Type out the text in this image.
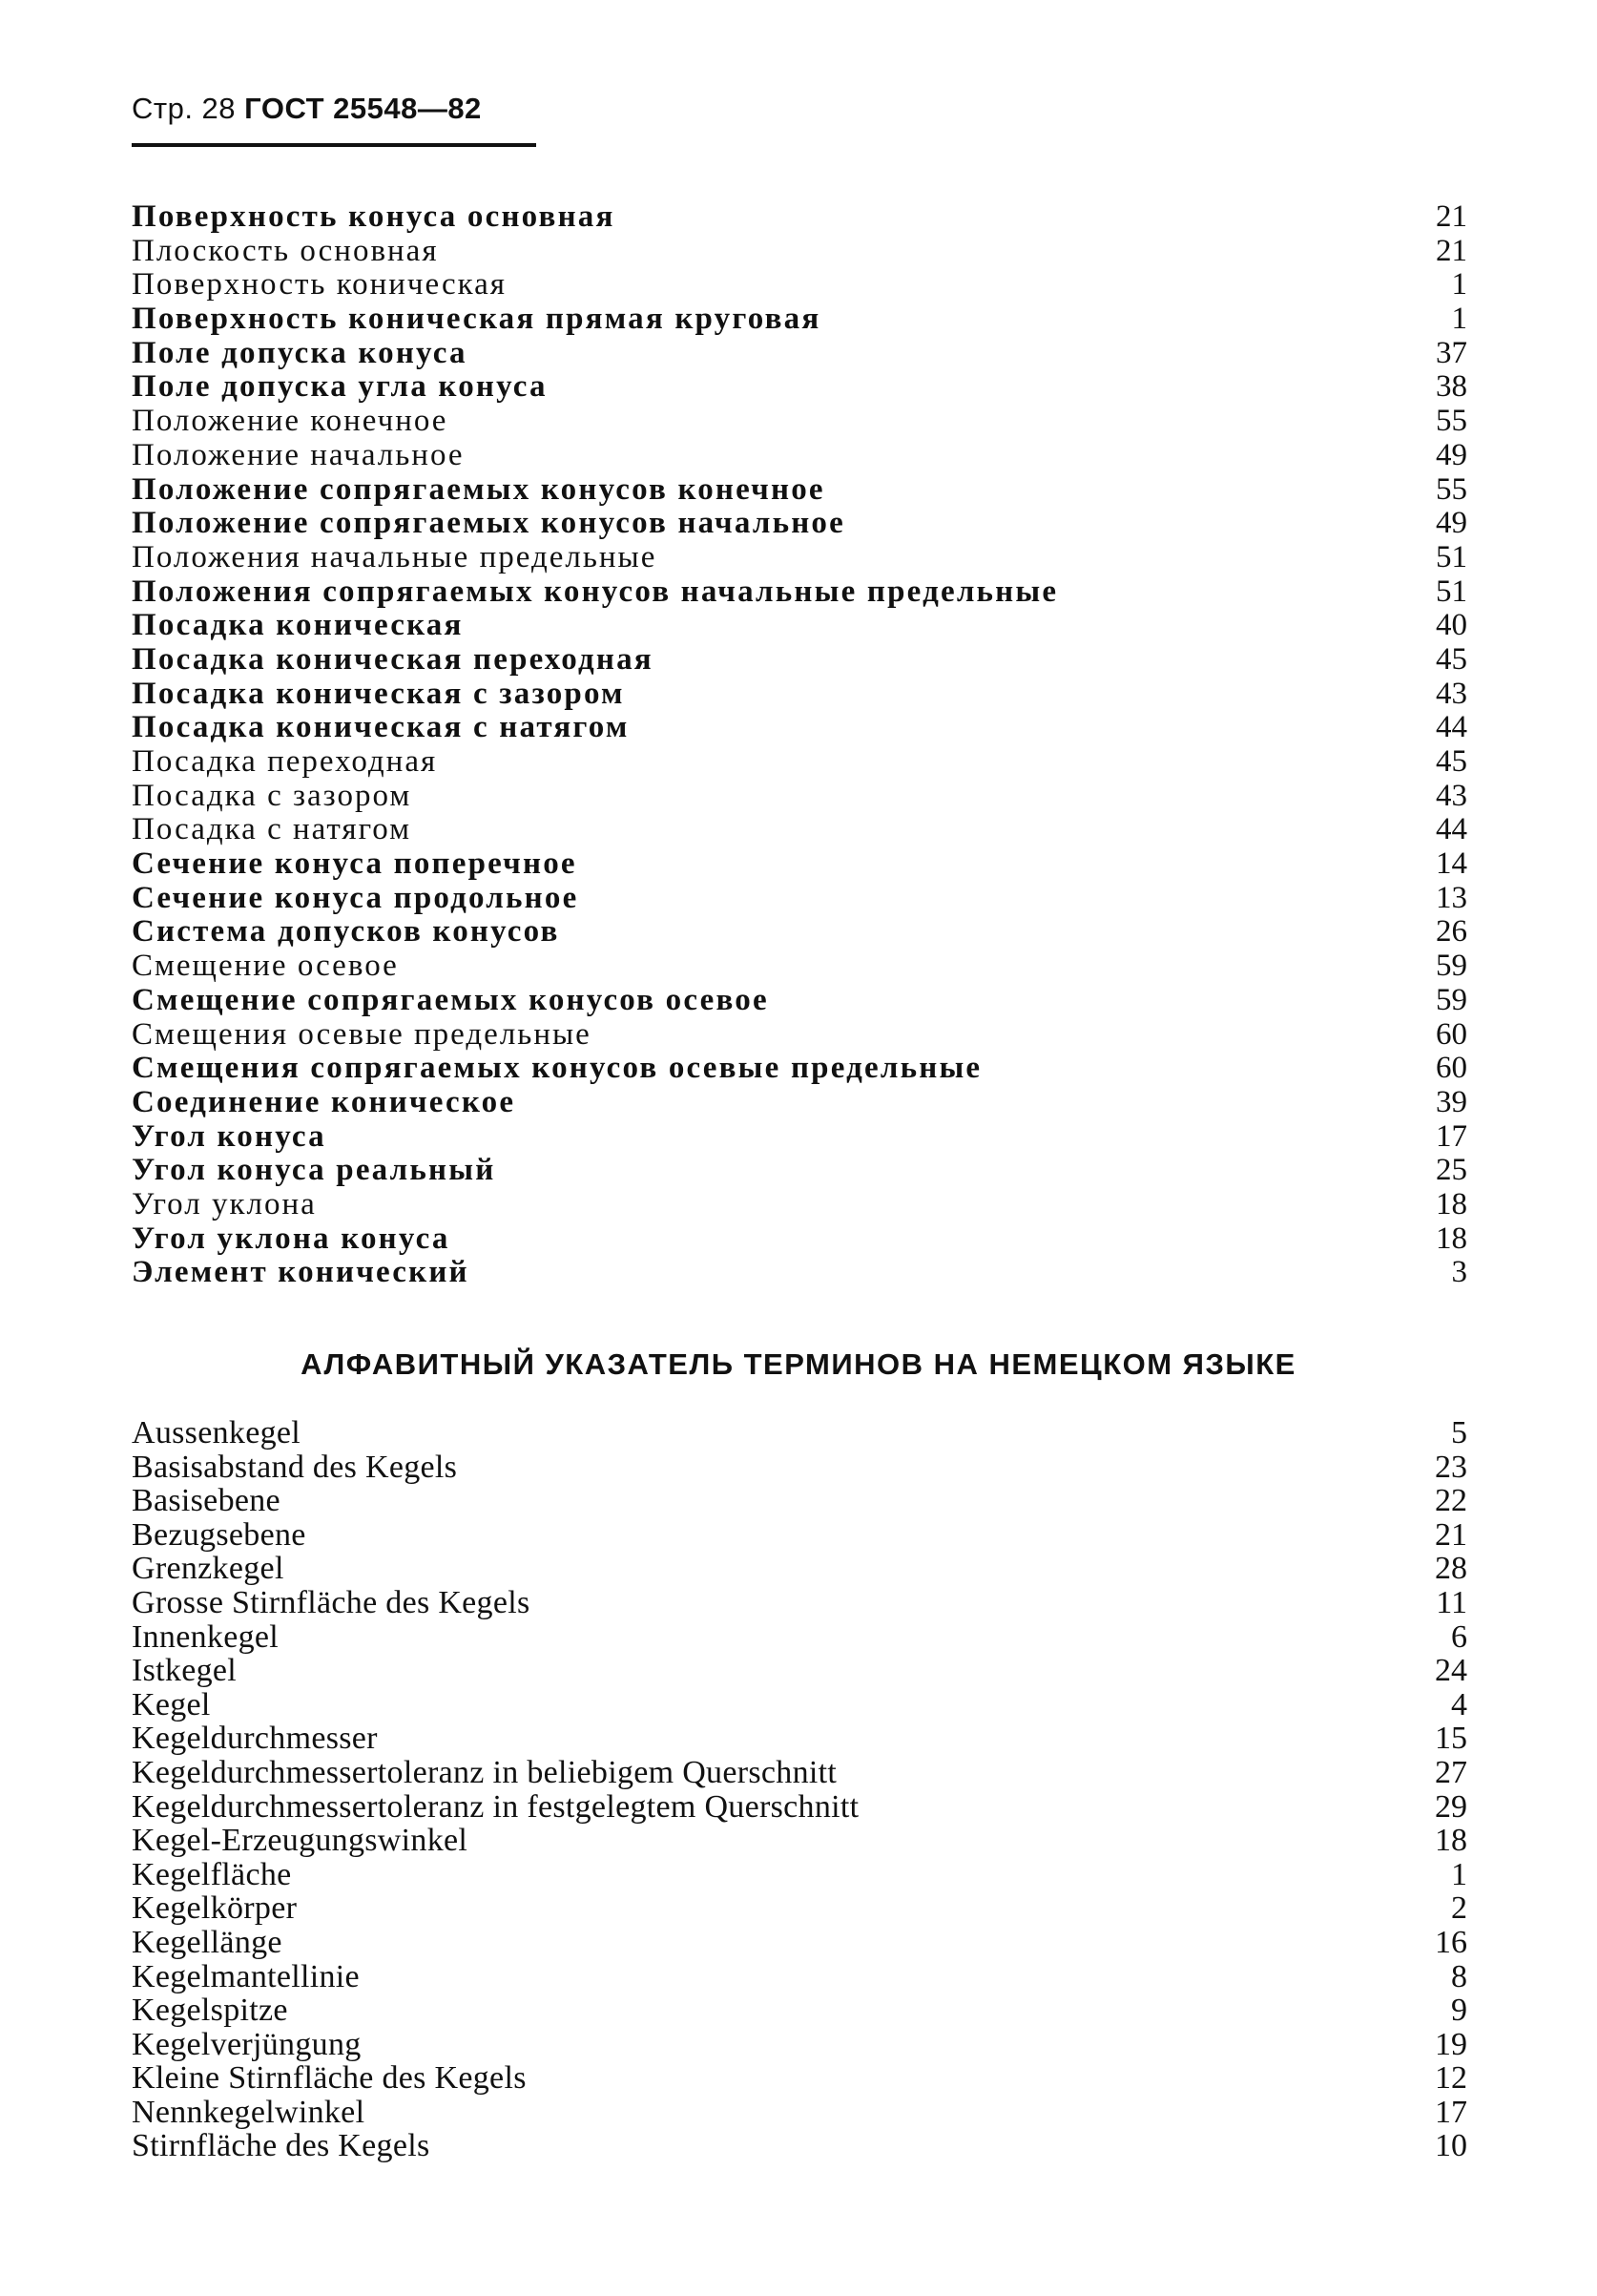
Стр. 28 ГОСТ 25548—82
Поверхность конуса основная	21
Плоскость основная	21
Поверхность коническая	1
Поверхность коническая прямая круговая	1
Поле допуска конуса	37
Поле допуска угла конуса	38
Положение конечное	55
Положение начальное	49
Положение сопрягаемых конусов конечное	55
Положение сопрягаемых конусов начальное	49
Положения начальные предельные	51
Положения сопрягаемых конусов начальные предельные	51
Посадка коническая	40
Посадка коническая переходная	45
Посадка коническая с зазором	43
Посадка коническая с натягом	44
Посадка переходная	45
Посадка с зазором	43
Посадка с натягом	44
Сечение конуса поперечное	14
Сечение конуса продольное	13
Система допусков конусов	26
Смещение осевое	59
Смещение сопрягаемых конусов осевое	59
Смещения осевые предельные	60
Смещения сопрягаемых конусов осевые предельные	60
Соединение коническое	39
Угол конуса	17
Угол конуса реальный	25
Угол уклона	18
Угол уклона конуса	18
Элемент конический	3
АЛФАВИТНЫЙ УКАЗАТЕЛЬ ТЕРМИНОВ НА НЕМЕЦКОМ ЯЗЫКЕ
Aussenkegel	5
Basisabstand des Kegels	23
Basisebene	22
Bezugsebene	21
Grenzkegel	28
Grosse Stirnfläche des Kegels	11
Innenkegel	6
Istkegel	24
Kegel	4
Kegeldurchmesser	15
Kegeldurchmessertoleranz in beliebigem Querschnitt	27
Kegeldurchmessertoleranz in festgelegtem Querschnitt	29
Kegel-Erzeugungswinkel	18
Kegelfläche	1
Kegelkörper	2
Kegellänge	16
Kegelmantellinie	8
Kegelspitze	9
Kegelverjüngung	19
Kleine Stirnfläche des Kegels	12
Nennkegelwinkel	17
Stirnfläche des Kegels	10
